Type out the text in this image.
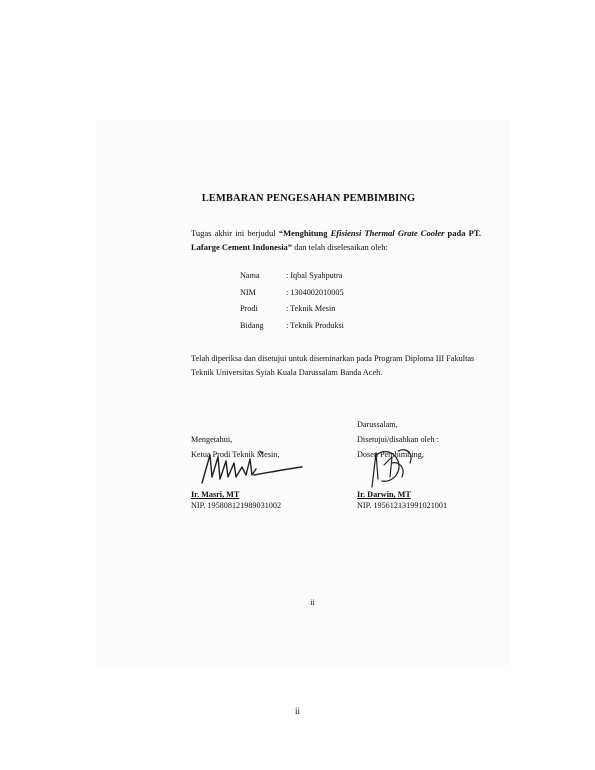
LEMBARAN PENGESAHAN PEMBIMBING
Tugas akhir ini berjudul “Menghitung Efisiensi Thermal Grate Cooler pada PT. Lafarge Cement Indonesia” dan telah diselesaikan oleh:
Nama	: Iqbal Syahputra
NIM	: 1304002010005
Prodi	: Teknik Mesin
Bidang	: Teknik Produksi
Telah diperiksa dan disetujui untuk diseminarkan pada Program Diploma III Fakultas Teknik Universitas Syiah Kuala Darussalam Banda Aceh.
Mengetahui,
Ketua Prodi Teknik Mesin,
Darussalam,
Disetujui/disahkan oleh :
Dosen Pembimbing,
Ir. Masri, MT
NIP. 195808121989031002
Ir. Darwin, MT
NIP. 195612131991021001
ii
ii
